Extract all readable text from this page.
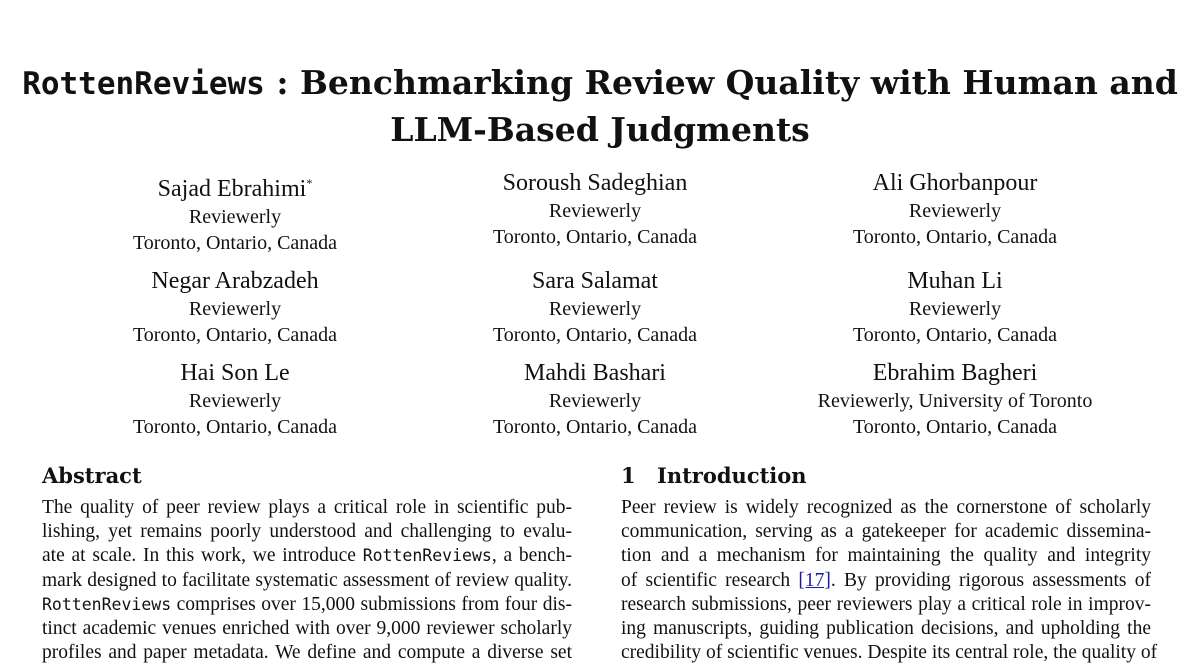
RottenReviews : Benchmarking Review Quality with Human and
LLM-Based Judgments
Sajad Ebrahimi*
Reviewerly
Toronto, Ontario, Canada
Soroush Sadeghian
Reviewerly
Toronto, Ontario, Canada
Ali Ghorbanpour
Reviewerly
Toronto, Ontario, Canada
Negar Arabzadeh
Reviewerly
Toronto, Ontario, Canada
Sara Salamat
Reviewerly
Toronto, Ontario, Canada
Muhan Li
Reviewerly
Toronto, Ontario, Canada
Hai Son Le
Reviewerly
Toronto, Ontario, Canada
Mahdi Bashari
Reviewerly
Toronto, Ontario, Canada
Ebrahim Bagheri
Reviewerly, University of Toronto
Toronto, Ontario, Canada
Abstract

The quality of peer review plays a critical role in scientific pub-
lishing, yet remains poorly understood and challenging to evalu-
ate at scale. In this work, we introduce RottenReviews, a bench-
mark designed to facilitate systematic assessment of review quality.
RottenReviews comprises over 15,000 submissions from four dis-
tinct academic venues enriched with over 9,000 reviewer scholarly
profiles and paper metadata. We define and compute a diverse set

1 Introduction

Peer review is widely recognized as the cornerstone of scholarly
communication, serving as a gatekeeper for academic dissemina-
tion and a mechanism for maintaining the quality and integrity
of scientific research [17]. By providing rigorous assessments of
research submissions, peer reviewers play a critical role in improv-
ing manuscripts, guiding publication decisions, and upholding the
credibility of scientific venues. Despite its central role, the quality of
